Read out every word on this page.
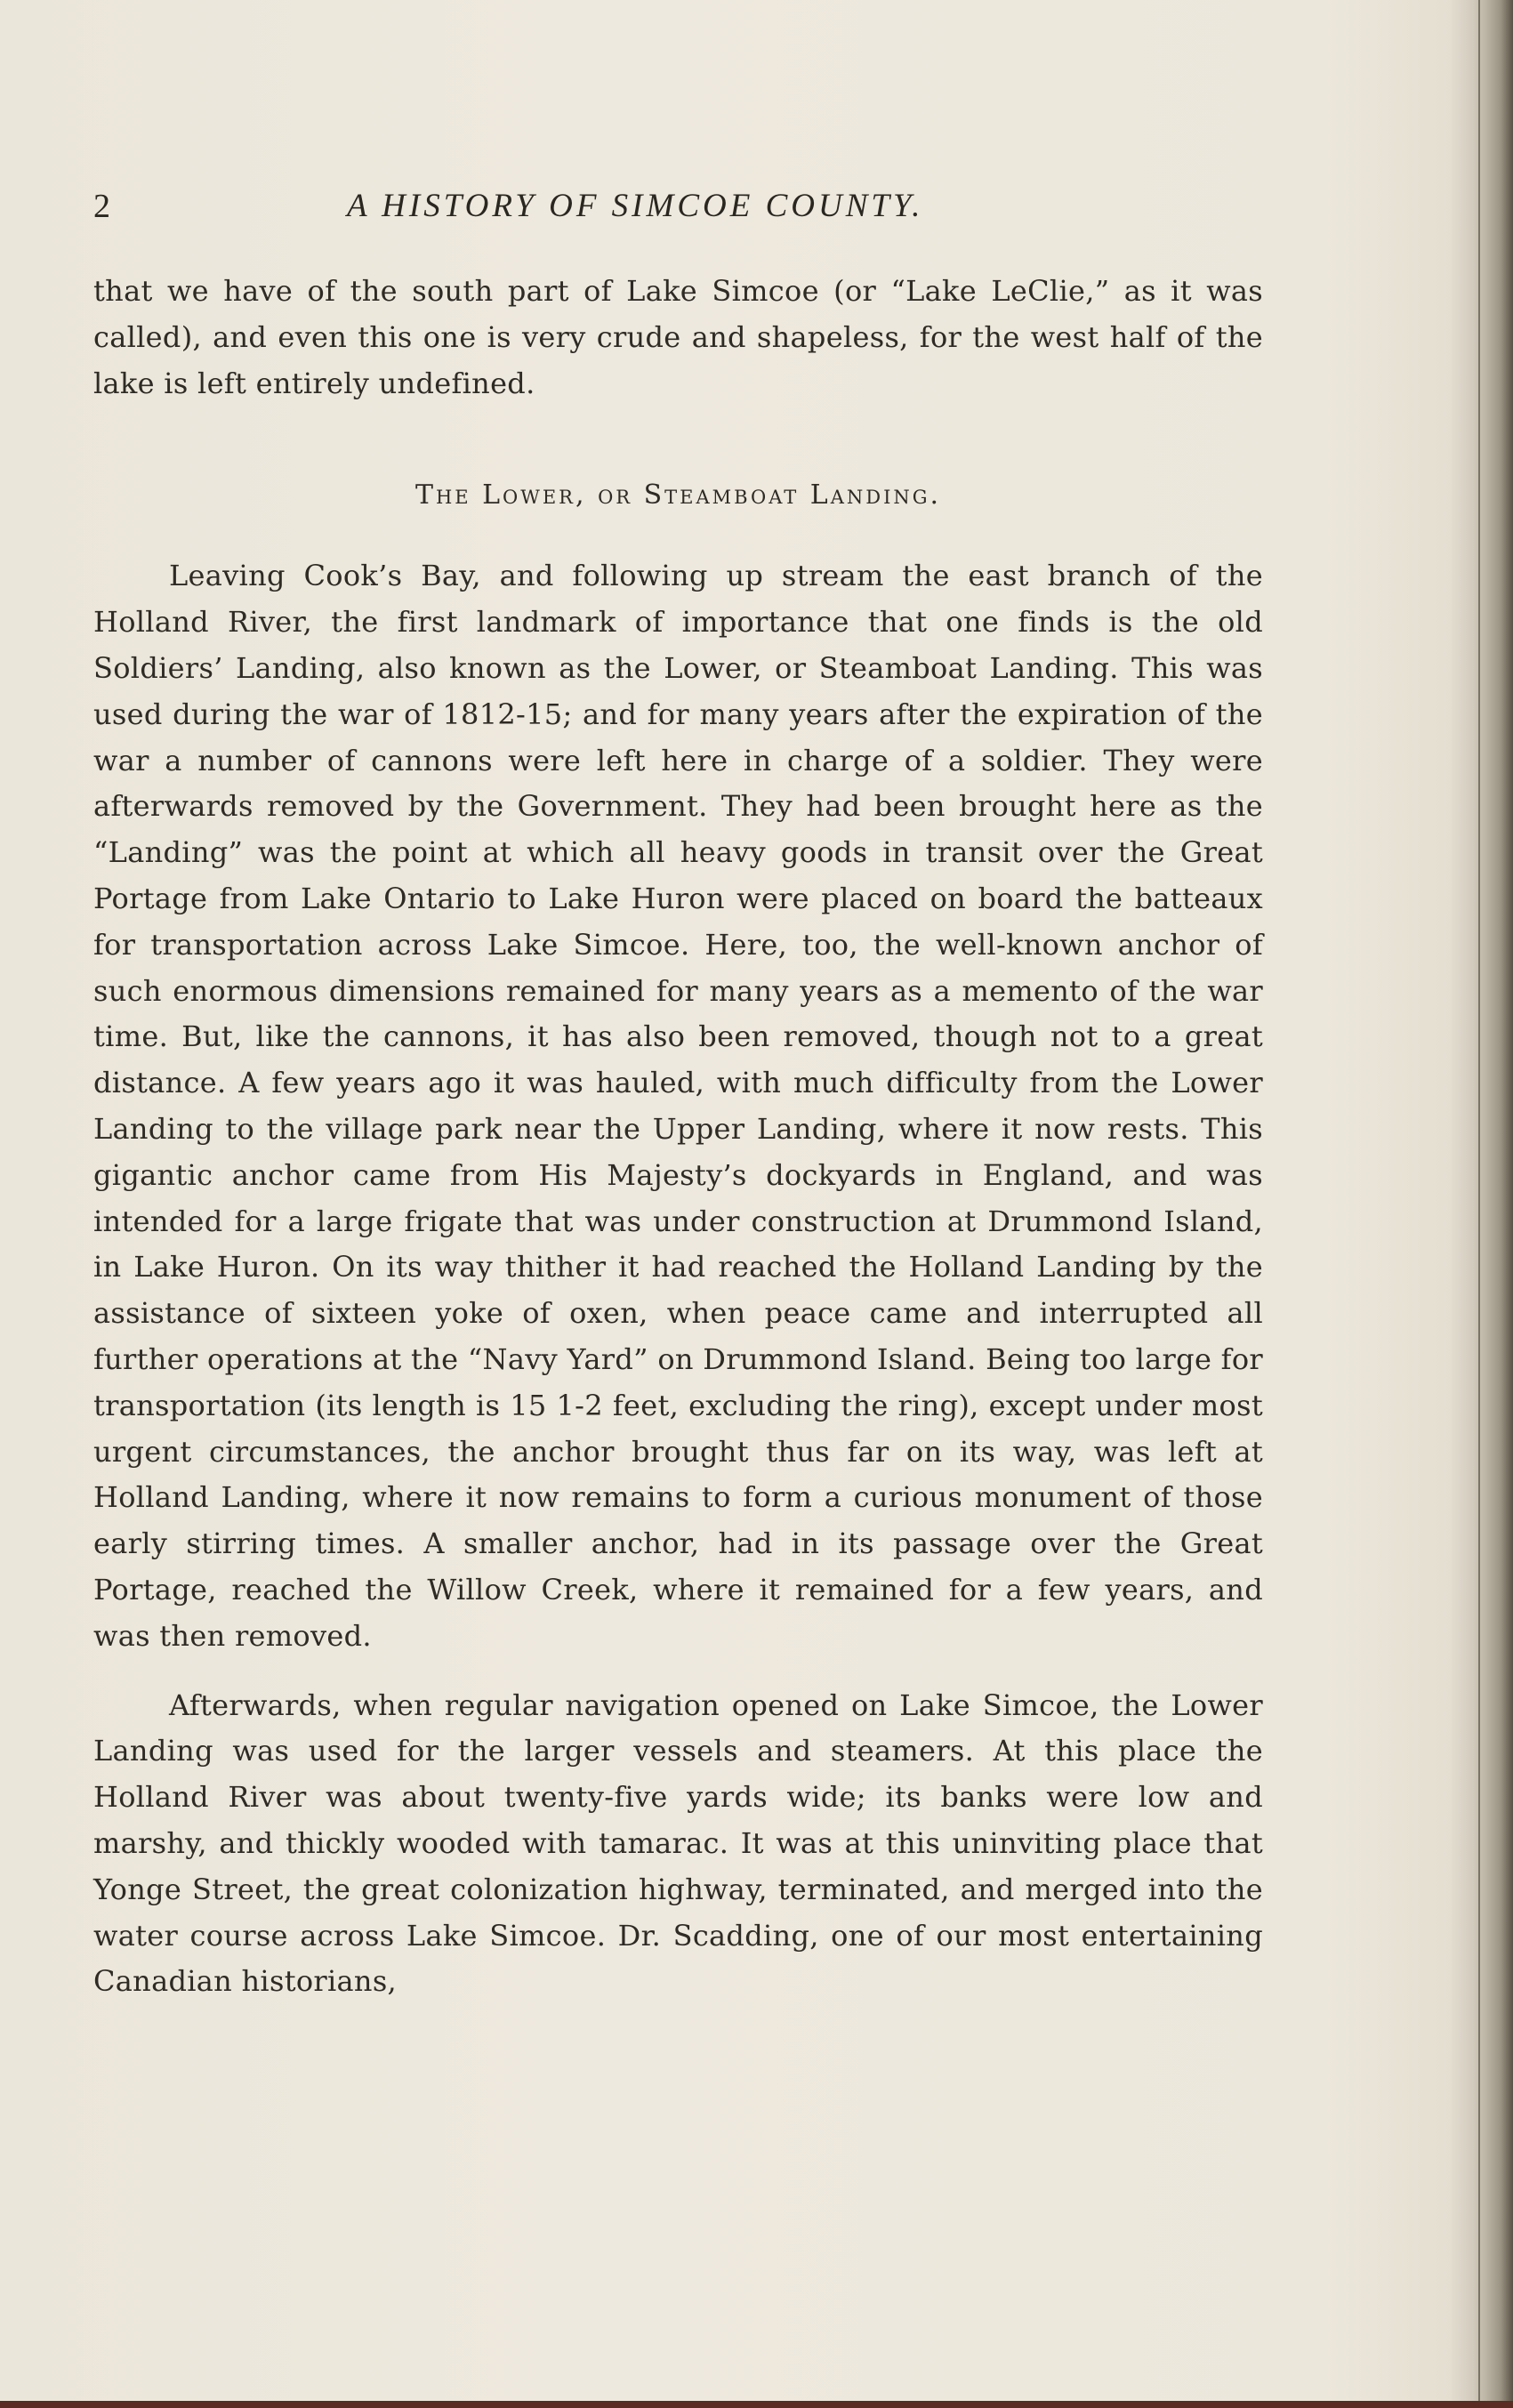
2	A HISTORY OF SIMCOE COUNTY.

that we have of the south part of Lake Simcoe (or “Lake LeClie,” as it was called), and even this one is very crude and shapeless, for the west half of the lake is left entirely undefined.

The Lower, or Steamboat Landing.

Leaving Cook’s Bay, and following up stream the east branch of the Holland River, the first landmark of importance that one finds is the old Soldiers’ Landing, also known as the Lower, or Steamboat Landing. This was used during the war of 1812-15; and for many years after the expiration of the war a number of cannons were left here in charge of a soldier. They were afterwards removed by the Government. They had been brought here as the “Landing” was the point at which all heavy goods in transit over the Great Portage from Lake Ontario to Lake Huron were placed on board the batteaux for transportation across Lake Simcoe. Here, too, the well-known anchor of such enormous dimensions remained for many years as a memento of the war time. But, like the cannons, it has also been removed, though not to a great distance. A few years ago it was hauled, with much difficulty from the Lower Landing to the village park near the Upper Landing, where it now rests. This gigantic anchor came from His Majesty’s dockyards in England, and was intended for a large frigate that was under construction at Drummond Island, in Lake Huron. On its way thither it had reached the Holland Landing by the assistance of sixteen yoke of oxen, when peace came and interrupted all further operations at the “Navy Yard” on Drummond Island. Being too large for transportation (its length is 15 1-2 feet, excluding the ring), except under most urgent circumstances, the anchor brought thus far on its way, was left at Holland Landing, where it now remains to form a curious monument of those early stirring times. A smaller anchor, had in its passage over the Great Portage, reached the Willow Creek, where it remained for a few years, and was then removed.

Afterwards, when regular navigation opened on Lake Simcoe, the Lower Landing was used for the larger vessels and steamers. At this place the Holland River was about twenty-five yards wide; its banks were low and marshy, and thickly wooded with tamarac. It was at this uninviting place that Yonge Street, the great colonization highway, terminated, and merged into the water course across Lake Simcoe. Dr. Scadding, one of our most entertaining Canadian historians,
